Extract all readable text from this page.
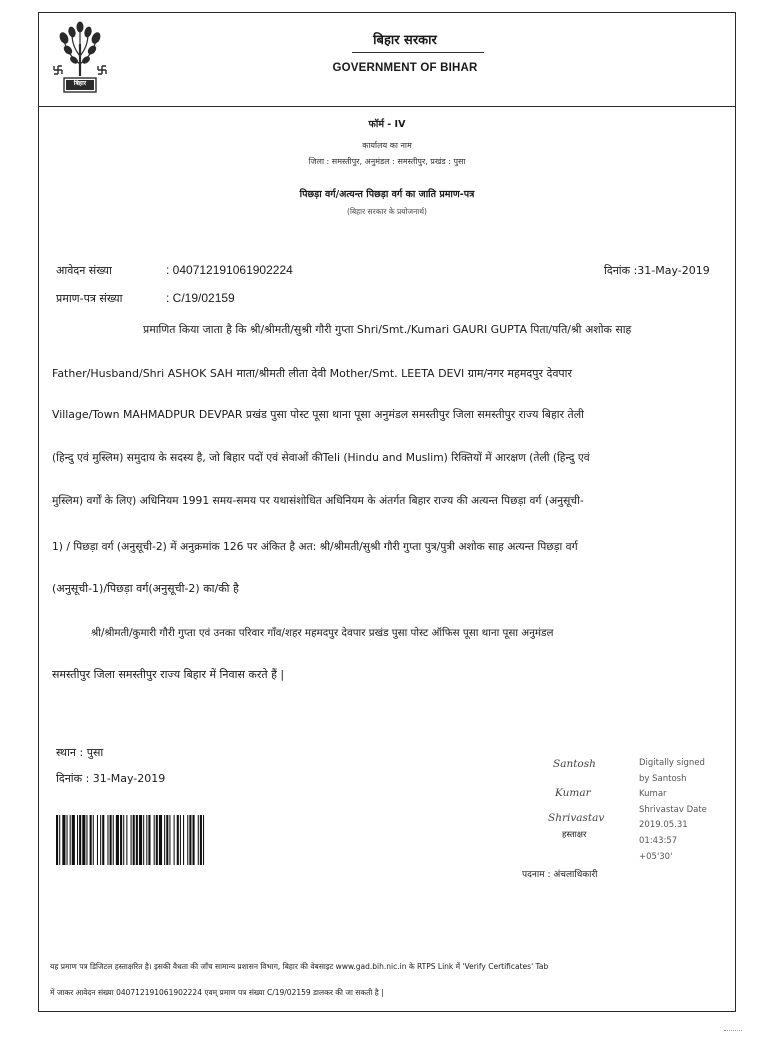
बिहार
बिहार सरकार
GOVERNMENT OF BIHAR
फॉर्म - IV
कार्यालय का नाम
जिला : समस्तीपुर, अनुमंडल : समस्तीपुर, प्रखंड : पुसा
पिछड़ा वर्ग/अत्यन्त पिछड़ा वर्ग का जाति प्रमाण-पत्र
(बिहार सरकार के प्रयोजनार्थ)
आवेदन संख्या	: 040712191061902224	दिनांक :31-May-2019
प्रमाण-पत्र संख्या	: C/19/02159
प्रमाणित किया जाता है कि श्री/श्रीमती/सुश्री गौरी गुप्ता Shri/Smt./Kumari GAURI GUPTA पिता/पति/श्री अशोक साह
Father/Husband/Shri ASHOK SAH माता/श्रीमती लीता देवी Mother/Smt. LEETA DEVI ग्राम/नगर महमदपुर देवपार
Village/Town MAHMADPUR DEVPAR प्रखंड पुसा पोस्ट पूसा थाना पूसा अनुमंडल समस्तीपुर जिला समस्तीपुर राज्य बिहार तेली
(हिन्दु एवं मुस्लिम) समुदाय के सदस्य है, जो बिहार पदों एवं सेवाओं कीTeli (Hindu and Muslim) रिक्तियों में आरक्षण (तेली (हिन्दु एवं
मुस्लिम) वर्गों के लिए) अधिनियम 1991 समय-समय पर यथासंशोधित अधिनियम के अंतर्गत बिहार राज्य की अत्यन्त पिछड़ा वर्ग (अनुसूची-
1) / पिछड़ा वर्ग (अनुसूची-2) में अनुक्रमांक 126 पर अंकित है अत: श्री/श्रीमती/सुश्री गौरी गुप्ता पुत्र/पुत्री अशोक साह अत्यन्त पिछड़ा वर्ग
(अनुसूची-1)/पिछड़ा वर्ग(अनुसूची-2) का/की है
श्री/श्रीमती/कुमारी गौरी गुप्ता एवं उनका परिवार गाँव/शहर महमदपुर देवपार प्रखंड पुसा पोस्ट ऑफिस पूसा थाना पूसा अनुमंडल
समस्तीपुर जिला समस्तीपुर राज्य बिहार में निवास करते हैं |
स्थान : पुसा
दिनांक : 31-May-2019
Santosh
Kumar
Shrivastav
हस्ताक्षर
पदनाम : अंचलाधिकारी
Digitally signed
by Santosh
Kumar
Shrivastav Date
2019.05.31
01:43:57
+05'30'
यह प्रमाण पत्र डिजिटल हस्ताक्षरित है। इसकी वैधता की जाँच सामान्य प्रशासन विभाग, बिहार की वेबसाइट www.gad.bih.nic.in के RTPS Link में 'Verify Certificates' Tab
में जाकर आवेदन संख्या 040712191061902224 एवम् प्रमाण पत्र संख्या C/19/02159 डालकर की जा सकती है |
